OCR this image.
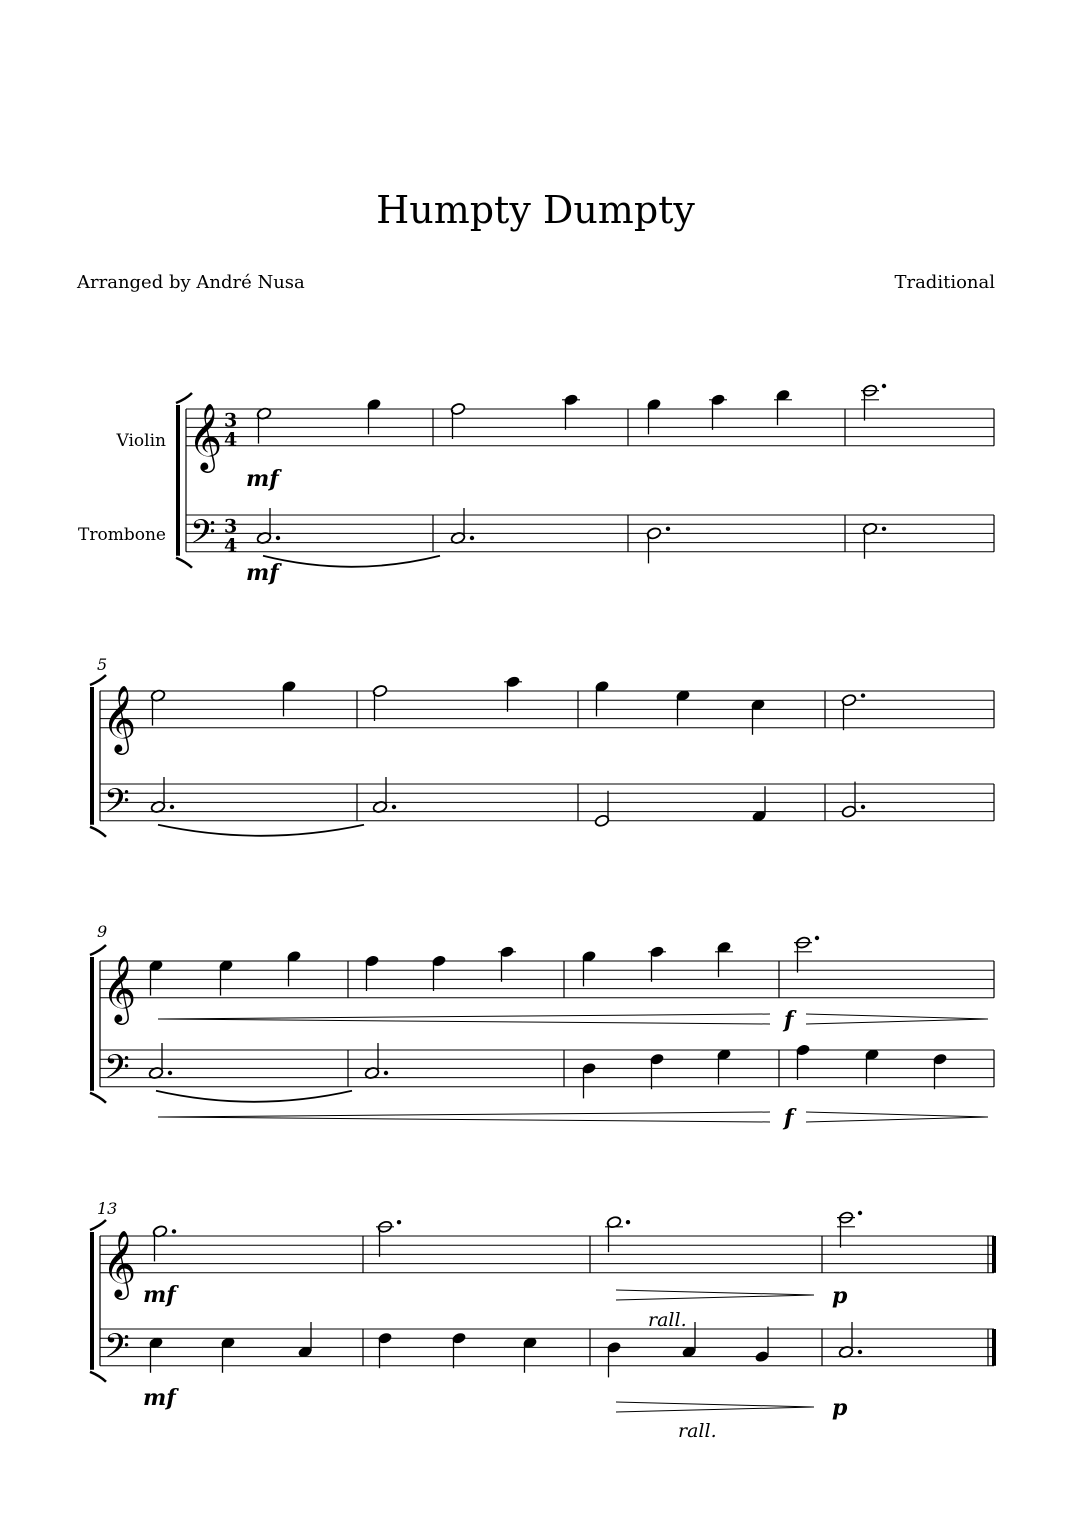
Humpty Dumpty
Arranged by André Nusa	Traditional
Violin
Trombone
5
9
13
𝄞
𝄢
3
4
3
4
𝄞
𝄢
𝄞
𝄢
𝄞
𝄢
mf
mf
f
f
mf
mf
p
p
rall.
rall.
